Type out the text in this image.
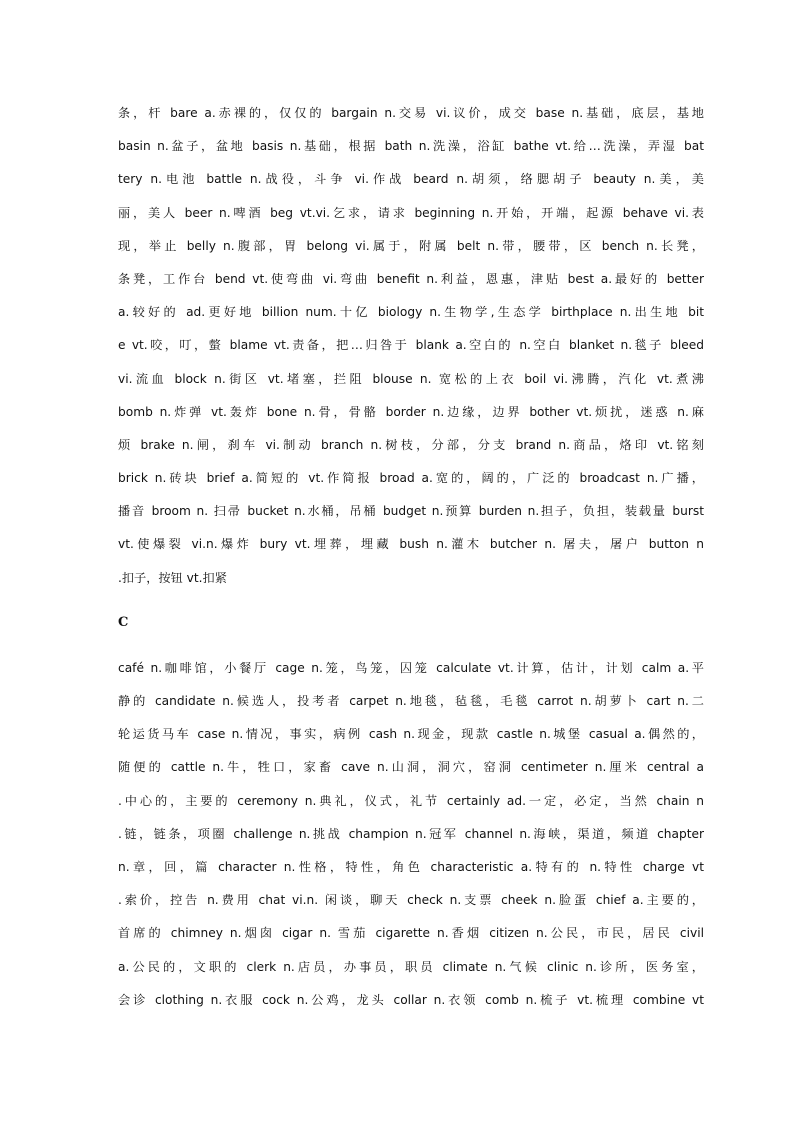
条，杆 bare a.赤裸的，仅仅的 bargain n.交易 vi.议价，成交 base n.基础，底层，基地
basin n.盆子，盆地 basis n.基础，根据 bath n.洗澡，浴缸 bathe vt.给…洗澡，弄湿 bat
tery n.电池 battle n.战役，斗争 vi.作战 beard n.胡须，络腮胡子 beauty n.美，美
丽，美人 beer n.啤酒 beg vt.vi.乞求，请求 beginning n.开始，开端，起源 behave vi.表
现，举止 belly n.腹部，胃 belong vi.属于，附属 belt n.带，腰带，区 bench n.长凳，
条凳，工作台 bend vt.使弯曲 vi.弯曲 benefit n.利益，恩惠，津贴 best a.最好的 better
a.较好的 ad.更好地 billion num.十亿 biology n.生物学,生态学 birthplace n.出生地 bit
e vt.咬，叮，螫 blame vt.责备，把…归咎于 blank a.空白的 n.空白 blanket n.毯子 bleed
vi.流血 block n.街区 vt.堵塞，拦阻 blouse n. 宽松的上衣 boil vi.沸腾，汽化 vt.煮沸
bomb n.炸弹 vt.轰炸 bone n.骨，骨骼 border n.边缘，边界 bother vt.烦扰，迷惑 n.麻
烦 brake n.闸，刹车 vi.制动 branch n.树枝，分部，分支 brand n.商品，烙印 vt.铭刻
brick n.砖块 brief a.简短的 vt.作简报 broad a.宽的，阔的，广泛的 broadcast n.广播，
播音 broom n. 扫帚 bucket n.水桶，吊桶 budget n.预算 burden n.担子，负担，装载量 burst
vt.使爆裂 vi.n.爆炸 bury vt.埋葬，埋藏 bush n.灌木 butcher n. 屠夫，屠户 button n
.扣子，按钮 vt.扣紧
C
café n.咖啡馆，小餐厅 cage n.笼，鸟笼，囚笼 calculate vt.计算，估计，计划 calm a.平
静的 candidate n.候选人，投考者 carpet n.地毯，毡毯，毛毯 carrot n.胡萝卜 cart n.二
轮运货马车 case n.情况，事实，病例 cash n.现金，现款 castle n.城堡 casual a.偶然的，
随便的 cattle n.牛，牲口，家畜 cave n.山洞，洞穴，窑洞 centimeter n.厘米 central a
.中心的，主要的 ceremony n.典礼，仪式，礼节 certainly ad.一定，必定，当然 chain n
.链，链条，项圈 challenge n.挑战 champion n.冠军 channel n.海峡，渠道，频道 chapter
n.章，回，篇 character n.性格，特性，角色 characteristic a.特有的 n.特性 charge vt
.索价，控告 n.费用 chat vi.n. 闲谈，聊天 check n.支票 cheek n.脸蛋 chief a.主要的，
首席的 chimney n.烟囱 cigar n. 雪茄 cigarette n.香烟 citizen n.公民，市民，居民 civil
a.公民的，文职的 clerk n.店员，办事员，职员 climate n.气候 clinic n.诊所，医务室，
会诊 clothing n.衣服 cock n.公鸡，龙头 collar n.衣领 comb n.梳子 vt.梳理 combine vt
